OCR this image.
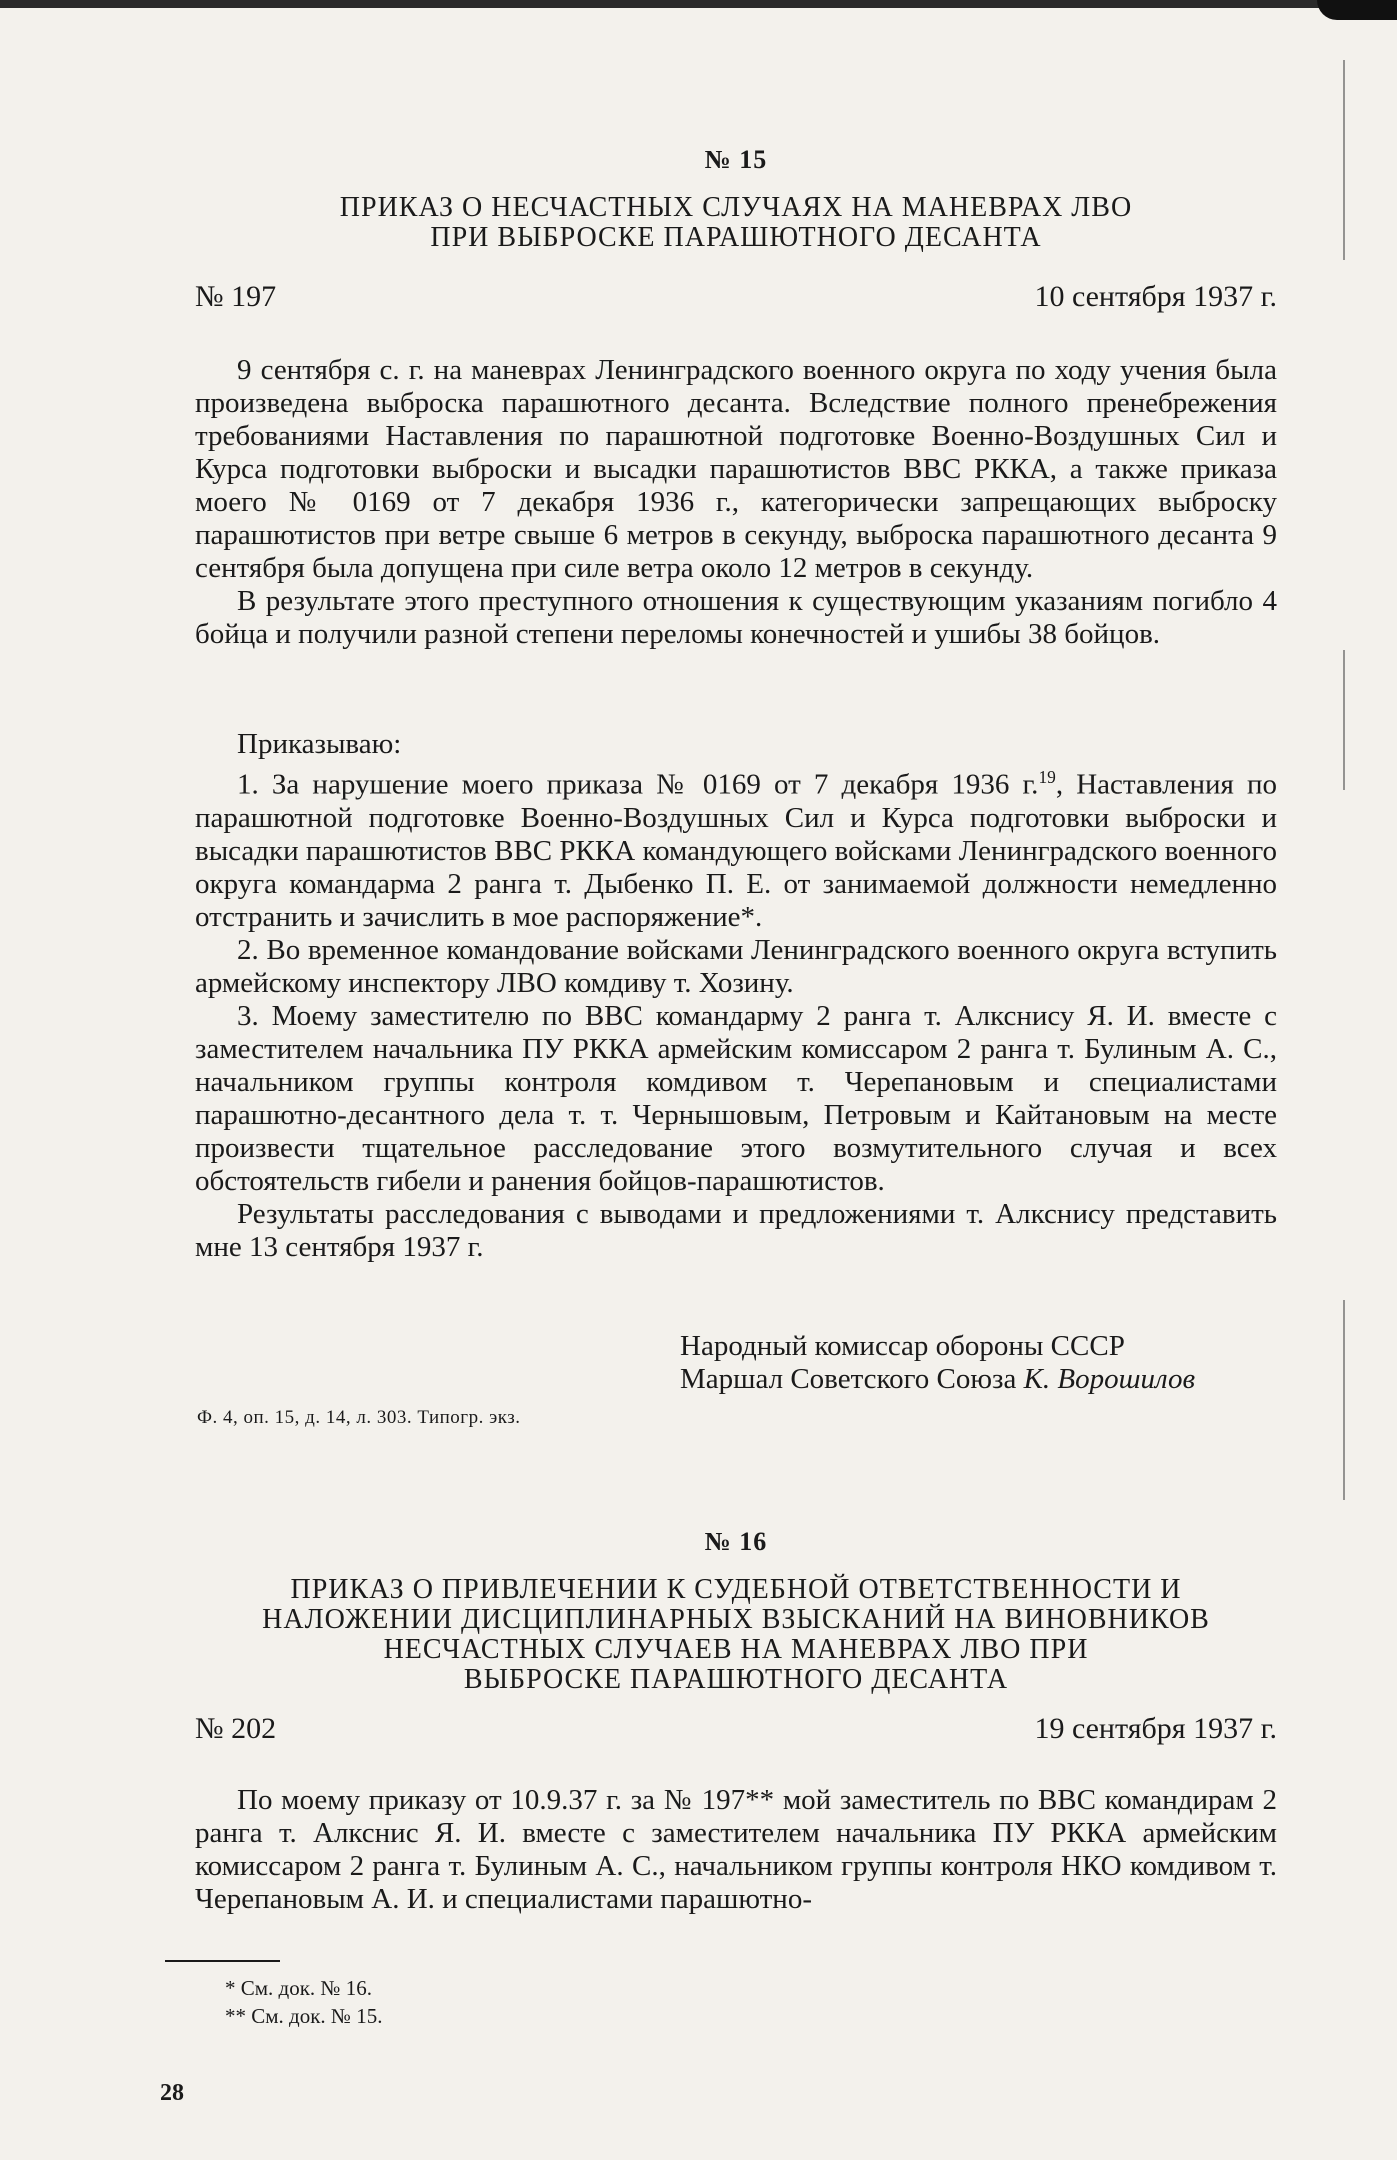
№ 15
ПРИКАЗ О НЕСЧАСТНЫХ СЛУЧАЯХ НА МАНЕВРАХ ЛВО
ПРИ ВЫБРОСКЕ ПАРАШЮТНОГО ДЕСАНТА
№ 197	10 сентября 1937 г.

9 сентября с. г. на маневрах Ленинградского военного округа по ходу учения была произведена выброска парашютного десанта. Вследствие полного пренебрежения требованиями Наставления по парашютной подготовке Военно-Воздушных Сил и Курса подготовки выброски и высадки парашютистов ВВС РККА, а также приказа моего № 0169 от 7 декабря 1936 г., категорически запрещающих выброску парашютистов при ветре свыше 6 метров в секунду, выброска парашютного десанта 9 сентября была допущена при силе ветра около 12 метров в секунду.

В результате этого преступного отношения к существующим указаниям погибло 4 бойца и получили разной степени переломы конечностей и ушибы 38 бойцов.

Приказываю:

1. За нарушение моего приказа № 0169 от 7 декабря 1936 г.$^{19}$, Наставления по парашютной подготовке Военно-Воздушных Сил и Курса подготовки выброски и высадки парашютистов ВВС РККА командующего войсками Ленинградского военного округа командарма 2 ранга т. Дыбенко П. Е. от занимаемой должности немедленно отстранить и зачислить в мое распоряжение*.

2. Во временное командование войсками Ленинградского военного округа вступить армейскому инспектору ЛВО комдиву т. Хозину.

3. Моему заместителю по ВВС командарму 2 ранга т. Алкснису Я. И. вместе с заместителем начальника ПУ РККА армейским комиссаром 2 ранга т. Булиным А. С., начальником группы контроля комдивом т. Черепановым и специалистами парашютно-десантного дела т. т. Чернышовым, Петровым и Кайтановым на месте произвести тщательное расследование этого возмутительного случая и всех обстоятельств гибели и ранения бойцов-парашютистов.

Результаты расследования с выводами и предложениями т. Алкснису представить мне 13 сентября 1937 г.

Народный комиссар обороны СССР
Маршал Советского Союза К. Ворошилов
Ф. 4, оп. 15, д. 14, л. 303. Типогр. экз.
№ 16
ПРИКАЗ О ПРИВЛЕЧЕНИИ К СУДЕБНОЙ ОТВЕТСТВЕННОСТИ И
НАЛОЖЕНИИ ДИСЦИПЛИНАРНЫХ ВЗЫСКАНИЙ НА ВИНОВНИКОВ
НЕСЧАСТНЫХ СЛУЧАЕВ НА МАНЕВРАХ ЛВО ПРИ
ВЫБРОСКЕ ПАРАШЮТНОГО ДЕСАНТА
№ 202	19 сентября 1937 г.

По моему приказу от 10.9.37 г. за № 197** мой заместитель по ВВС командирам 2 ранга т. Алкснис Я. И. вместе с заместителем начальника ПУ РККА армейским комиссаром 2 ранга т. Булиным А. С., начальником группы контроля НКО комдивом т. Черепановым А. И. и специалистами парашютно-

* См. док. № 16.
** См. док. № 15.
28
